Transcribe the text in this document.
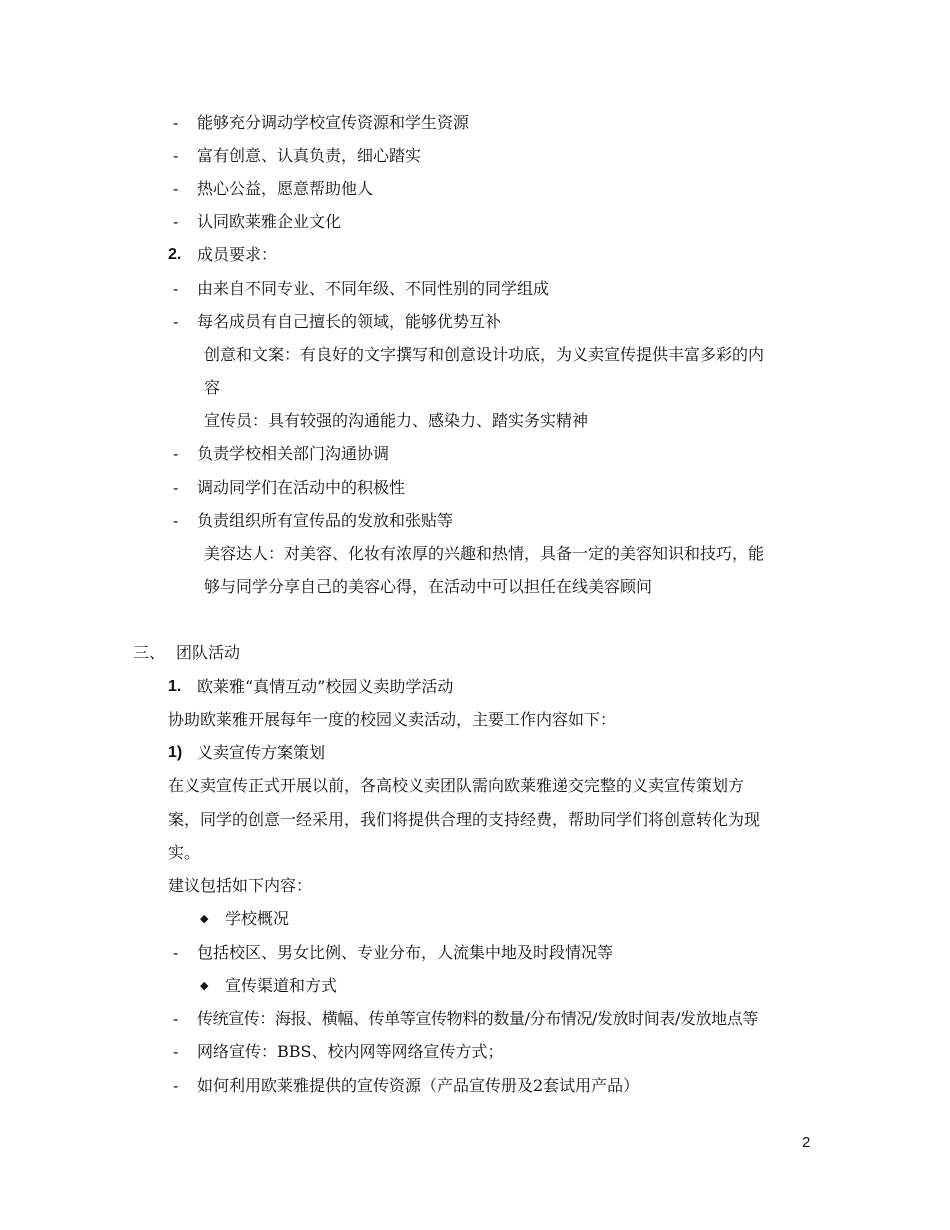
-	能够充分调动学校宣传资源和学生资源
-	富有创意、认真负责，细心踏实
-	热心公益，愿意帮助他人
-	认同欧莱雅企业文化
2. 成员要求：
-	由来自不同专业、不同年级、不同性别的同学组成
-	每名成员有自己擅长的领域，能够优势互补
创意和文案：有良好的文字撰写和创意设计功底，为义卖宣传提供丰富多彩的内
容
宣传员：具有较强的沟通能力、感染力、踏实务实精神
-	负责学校相关部门沟通协调
-	调动同学们在活动中的积极性
-	负责组织所有宣传品的发放和张贴等
美容达人：对美容、化妆有浓厚的兴趣和热情，具备一定的美容知识和技巧，能
够与同学分享自己的美容心得，在活动中可以担任在线美容顾问
三、 团队活动
1. 欧莱雅“真情互动”校园义卖助学活动
协助欧莱雅开展每年一度的校园义卖活动，主要工作内容如下：
1) 义卖宣传方案策划
在义卖宣传正式开展以前，各高校义卖团队需向欧莱雅递交完整的义卖宣传策划方
案，同学的创意一经采用，我们将提供合理的支持经费，帮助同学们将创意转化为现
实。
建议包括如下内容：
◆ 学校概况
-	包括校区、男女比例、专业分布，人流集中地及时段情况等
◆ 宣传渠道和方式
-	传统宣传：海报、横幅、传单等宣传物料的数量/分布情况/发放时间表/发放地点等
-	网络宣传：BBS、校内网等网络宣传方式；
-	如何利用欧莱雅提供的宣传资源（产品宣传册及2套试用产品）
2
